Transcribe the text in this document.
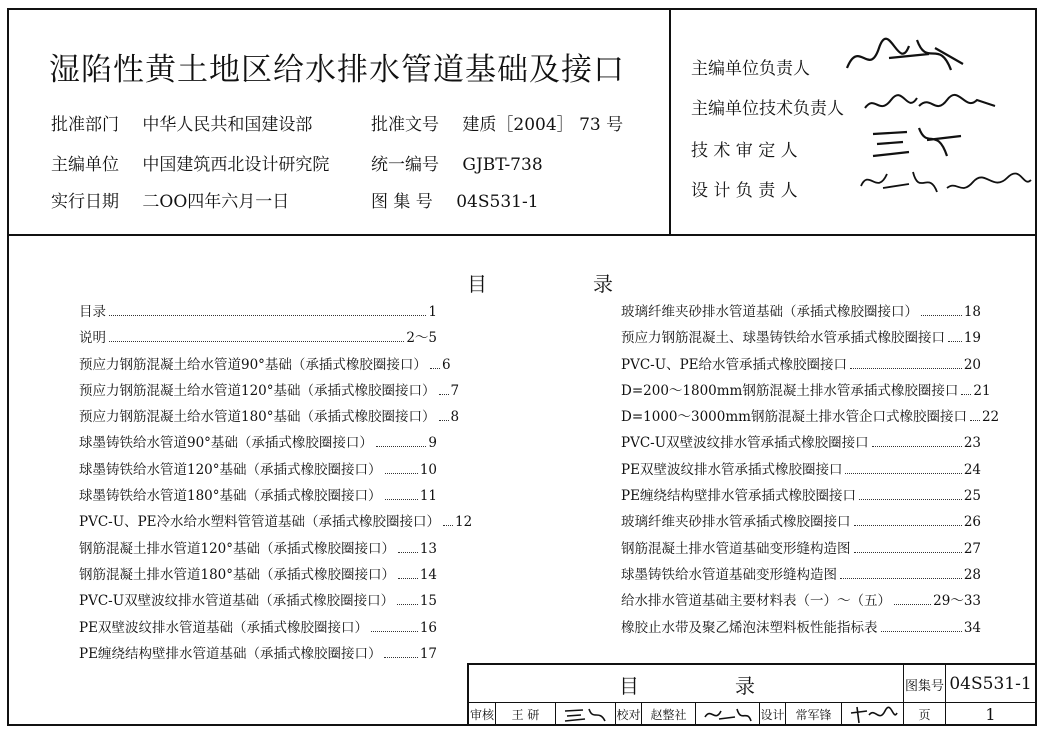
湿陷性黄土地区给水排水管道基础及接口
批准部门 中华人民共和国建设部	批准文号 建质［2004］ 73 号
主编单位 中国建筑西北设计研究院 统一编号 GJBT-738
实行日期 二OO四年六月一日	图 集 号 04S531-1
主编单位负责人
主编单位技术负责人
技 术 审 定 人
设 计 负 责 人
目	录
目录	1
说明	2～5
预应力钢筋混凝土给水管道90°基础（承插式橡胶圈接口） 6
预应力钢筋混凝土给水管道120°基础（承插式橡胶圈接口） 7
预应力钢筋混凝土给水管道180°基础（承插式橡胶圈接口） 8
球墨铸铁给水管道90°基础（承插式橡胶圈接口）	9
球墨铸铁给水管道120°基础（承插式橡胶圈接口）	10
球墨铸铁给水管道180°基础（承插式橡胶圈接口）	11
PVC-U、PE冷水给水塑料管管道基础（承插式橡胶圈接口） 12
钢筋混凝土排水管道120°基础（承插式橡胶圈接口） 13
钢筋混凝土排水管道180°基础（承插式橡胶圈接口） 14
PVC-U双壁波纹排水管道基础（承插式橡胶圈接口） 15
PE双壁波纹排水管道基础（承插式橡胶圈接口）	16
PE缠绕结构壁排水管道基础（承插式橡胶圈接口）	17
玻璃纤维夹砂排水管道基础（承插式橡胶圈接口）	18
预应力钢筋混凝土、球墨铸铁给水管承插式橡胶圈接口 19
PVC-U、PE给水管承插式橡胶圈接口	20
D=200～1800mm钢筋混凝土排水管承插式橡胶圈接口 21
D=1000～3000mm钢筋混凝土排水管企口式橡胶圈接口 22
PVC-U双壁波纹排水管承插式橡胶圈接口	23
PE双壁波纹排水管承插式橡胶圈接口	24
PE缠绕结构壁排水管承插式橡胶圈接口	25
玻璃纤维夹砂排水管承插式橡胶圈接口	26
钢筋混凝土排水管道基础变形缝构造图	27
球墨铸铁给水管道基础变形缝构造图	28
给水排水管道基础主要材料表（一）～（五）	29～33
橡胶止水带及聚乙烯泡沫塑料板性能指标表	34
目	录	图集号 04S531-1
审核	王 研	校对 赵整社	设计 常军锋	页	1
